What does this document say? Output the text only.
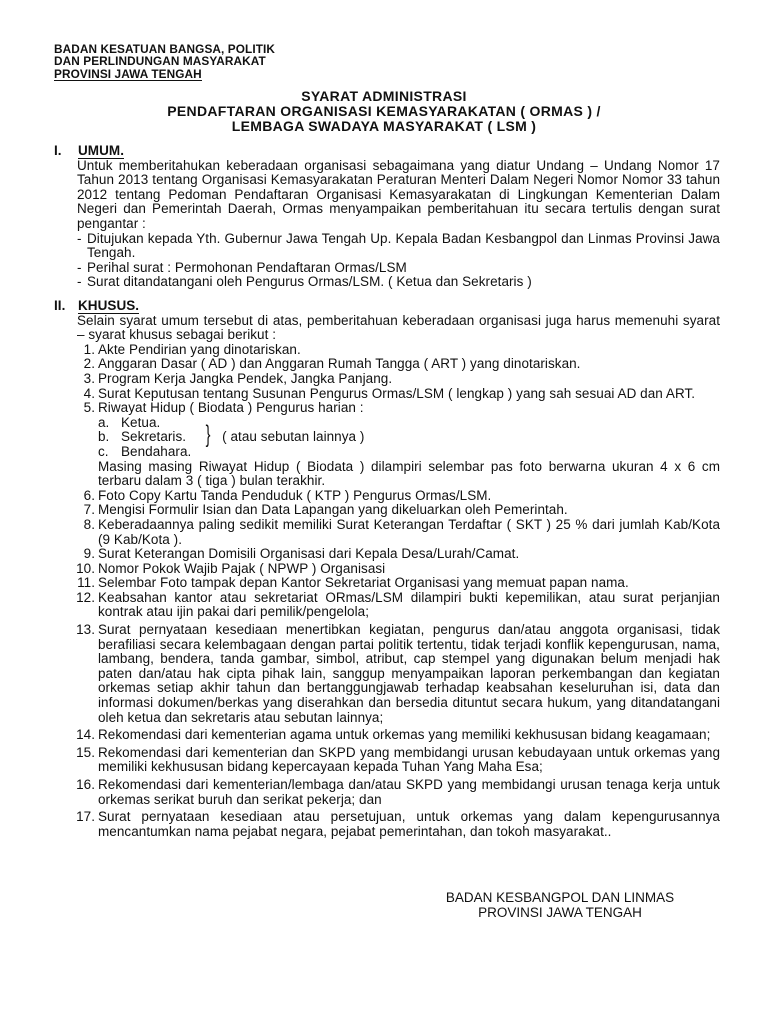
BADAN KESATUAN BANGSA, POLITIK
DAN PERLINDUNGAN MASYARAKAT
PROVINSI JAWA TENGAH
SYARAT ADMINISTRASI
PENDAFTARAN ORGANISASI KEMASYARAKATAN ( ORMAS ) /
LEMBAGA SWADAYA MASYARAKAT ( LSM )
I. UMUM.
Untuk memberitahukan keberadaan organisasi sebagaimana yang diatur Undang – Undang Nomor 17 Tahun 2013 tentang Organisasi Kemasyarakatan Peraturan Menteri Dalam Negeri Nomor Nomor 33 tahun 2012 tentang Pedoman Pendaftaran Organisasi Kemasyarakatan di Lingkungan Kementerian Dalam Negeri dan Pemerintah Daerah, Ormas menyampaikan pemberitahuan itu secara tertulis dengan surat pengantar :
- Ditujukan kepada Yth. Gubernur Jawa Tengah Up. Kepala Badan Kesbangpol dan Linmas Provinsi Jawa Tengah.
- Perihal surat : Permohonan Pendaftaran Ormas/LSM
- Surat ditandatangani oleh Pengurus Ormas/LSM. ( Ketua dan Sekretaris )
II. KHUSUS.
Selain syarat umum tersebut di atas, pemberitahuan keberadaan organisasi juga harus memenuhi syarat – syarat khusus sebagai berikut :
1. Akte Pendirian yang dinotariskan.
2. Anggaran Dasar ( AD ) dan Anggaran Rumah Tangga ( ART ) yang dinotariskan.
3. Program Kerja Jangka Pendek, Jangka Panjang.
4. Surat Keputusan tentang Susunan Pengurus Ormas/LSM ( lengkap ) yang sah sesuai AD dan ART.
5. Riwayat Hidup ( Biodata ) Pengurus harian :
a. Ketua.
b. Sekretaris. } ( atau sebutan lainnya )
c. Bendahara.
Masing masing Riwayat Hidup ( Biodata ) dilampiri selembar pas foto berwarna ukuran 4 x 6 cm terbaru dalam 3 ( tiga ) bulan terakhir.
6. Foto Copy Kartu Tanda Penduduk ( KTP ) Pengurus Ormas/LSM.
7. Mengisi Formulir Isian dan Data Lapangan yang dikeluarkan oleh Pemerintah.
8. Keberadaannya paling sedikit memiliki Surat Keterangan Terdaftar ( SKT ) 25 % dari jumlah Kab/Kota (9 Kab/Kota ).
9. Surat Keterangan Domisili Organisasi dari Kepala Desa/Lurah/Camat.
10. Nomor Pokok Wajib Pajak ( NPWP ) Organisasi
11. Selembar Foto tampak depan Kantor Sekretariat Organisasi yang memuat papan nama.
12. Keabsahan kantor atau sekretariat ORmas/LSM dilampiri bukti kepemilikan, atau surat perjanjian kontrak atau ijin pakai dari pemilik/pengelola;
13. Surat pernyataan kesediaan menertibkan kegiatan, pengurus dan/atau anggota organisasi, tidak berafiliasi secara kelembagaan dengan partai politik tertentu, tidak terjadi konflik kepengurusan, nama, lambang, bendera, tanda gambar, simbol, atribut, cap stempel yang digunakan belum menjadi hak paten dan/atau hak cipta pihak lain, sanggup menyampaikan laporan perkembangan dan kegiatan orkemas setiap akhir tahun dan bertanggungjawab terhadap keabsahan keseluruhan isi, data dan informasi dokumen/berkas yang diserahkan dan bersedia dituntut secara hukum, yang ditandatangani oleh ketua dan sekretaris atau sebutan lainnya;
14. Rekomendasi dari kementerian agama untuk orkemas yang memiliki kekhususan bidang keagamaan;
15. Rekomendasi dari kementerian dan SKPD yang membidangi urusan kebudayaan untuk orkemas yang memiliki kekhususan bidang kepercayaan kepada Tuhan Yang Maha Esa;
16. Rekomendasi dari kementerian/lembaga dan/atau SKPD yang membidangi urusan tenaga kerja untuk orkemas serikat buruh dan serikat pekerja; dan
17. Surat pernyataan kesediaan atau persetujuan, untuk orkemas yang dalam kepengurusannya mencantumkan nama pejabat negara, pejabat pemerintahan, dan tokoh masyarakat..
BADAN KESBANGPOL DAN LINMAS
PROVINSI JAWA TENGAH
